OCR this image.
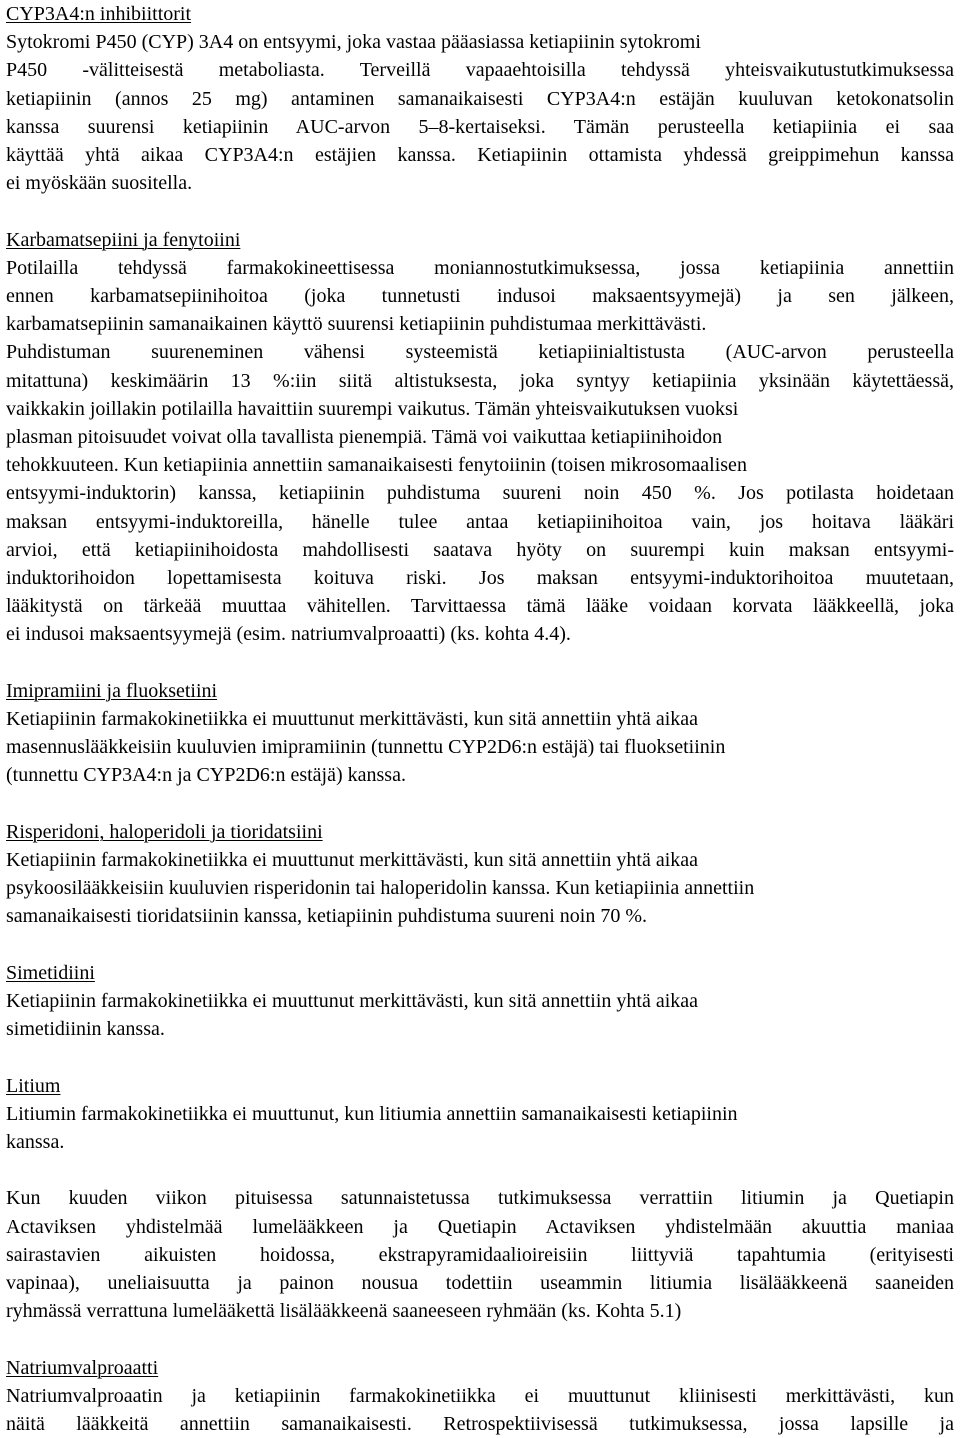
CYP3A4:n inhibiittorit
Sytokromi P450 (CYP) 3A4 on entsyymi, joka vastaa pääasiassa ketiapiinin sytokromi
P450 -välitteisestä metaboliasta. Terveillä vapaaehtoisilla tehdyssä yhteisvaikutustutkimuksessa
ketiapiinin (annos 25 mg) antaminen samanaikaisesti CYP3A4:n estäjän kuuluvan ketokonatsolin
kanssa suurensi ketiapiinin AUC-arvon 5–8-kertaiseksi. Tämän perusteella ketiapiinia ei saa
käyttää yhtä aikaa CYP3A4:n estäjien kanssa. Ketiapiinin ottamista yhdessä greippimehun kanssa
ei myöskään suositella.
Karbamatsepiini ja fenytoiini
Potilailla tehdyssä farmakokineettisessa moniannostutkimuksessa, jossa ketiapiinia annettiin
ennen karbamatsepiinihoitoa (joka tunnetusti indusoi maksaentsyymejä) ja sen jälkeen,
karbamatsepiinin samanaikainen käyttö suurensi ketiapiinin puhdistumaa merkittävästi.
Puhdistuman suureneminen vähensi systeemistä ketiapiinialtistusta (AUC-arvon perusteella
mitattuna) keskimäärin 13 %:iin siitä altistuksesta, joka syntyy ketiapiinia yksinään käytettäessä,
vaikkakin joillakin potilailla havaittiin suurempi vaikutus. Tämän yhteisvaikutuksen vuoksi
plasman pitoisuudet voivat olla tavallista pienempiä. Tämä voi vaikuttaa ketiapiinihoidon
tehokkuuteen. Kun ketiapiinia annettiin samanaikaisesti fenytoiinin (toisen mikrosomaalisen
entsyymi-induktorin) kanssa, ketiapiinin puhdistuma suureni noin 450 %. Jos potilasta hoidetaan
maksan entsyymi-induktoreilla, hänelle tulee antaa ketiapiinihoitoa vain, jos hoitava lääkäri
arvioi, että ketiapiinihoidosta mahdollisesti saatava hyöty on suurempi kuin maksan entsyymi-
induktorihoidon lopettamisesta koituva riski. Jos maksan entsyymi-induktorihoitoa muutetaan,
lääkitystä on tärkeää muuttaa vähitellen. Tarvittaessa tämä lääke voidaan korvata lääkkeellä, joka
ei indusoi maksaentsyymejä (esim. natriumvalproaatti) (ks. kohta 4.4).
Imipramiini ja fluoksetiini
Ketiapiinin farmakokinetiikka ei muuttunut merkittävästi, kun sitä annettiin yhtä aikaa
masennuslääkkeisiin kuuluvien imipramiinin (tunnettu CYP2D6:n estäjä) tai fluoksetiinin
(tunnettu CYP3A4:n ja CYP2D6:n estäjä) kanssa.
Risperidoni, haloperidoli ja tioridatsiini
Ketiapiinin farmakokinetiikka ei muuttunut merkittävästi, kun sitä annettiin yhtä aikaa
psykoosilääkkeisiin kuuluvien risperidonin tai haloperidolin kanssa. Kun ketiapiinia annettiin
samanaikaisesti tioridatsiinin kanssa, ketiapiinin puhdistuma suureni noin 70 %.
Simetidiini
Ketiapiinin farmakokinetiikka ei muuttunut merkittävästi, kun sitä annettiin yhtä aikaa
simetidiinin kanssa.
Litium
Litiumin farmakokinetiikka ei muuttunut, kun litiumia annettiin samanaikaisesti ketiapiinin
kanssa.
Kun kuuden viikon pituisessa satunnaistetussa tutkimuksessa verrattiin litiumin ja Quetiapin
Actaviksen yhdistelmää lumelääkkeen ja Quetiapin Actaviksen yhdistelmään akuuttia maniaa
sairastavien aikuisten hoidossa, ekstrapyramidaalioireisiin liittyviä tapahtumia (erityisesti
vapinaa), uneliaisuutta ja painon nousua todettiin useammin litiumia lisälääkkeenä saaneiden
ryhmässä verrattuna lumelääkettä lisälääkkeenä saaneeseen ryhmään (ks. Kohta 5.1)
Natriumvalproaatti
Natriumvalproaatin ja ketiapiinin farmakokinetiikka ei muuttunut kliinisesti merkittävästi, kun
näitä lääkkeitä annettiin samanaikaisesti. Retrospektiivisessä tutkimuksessa, jossa lapsille ja
